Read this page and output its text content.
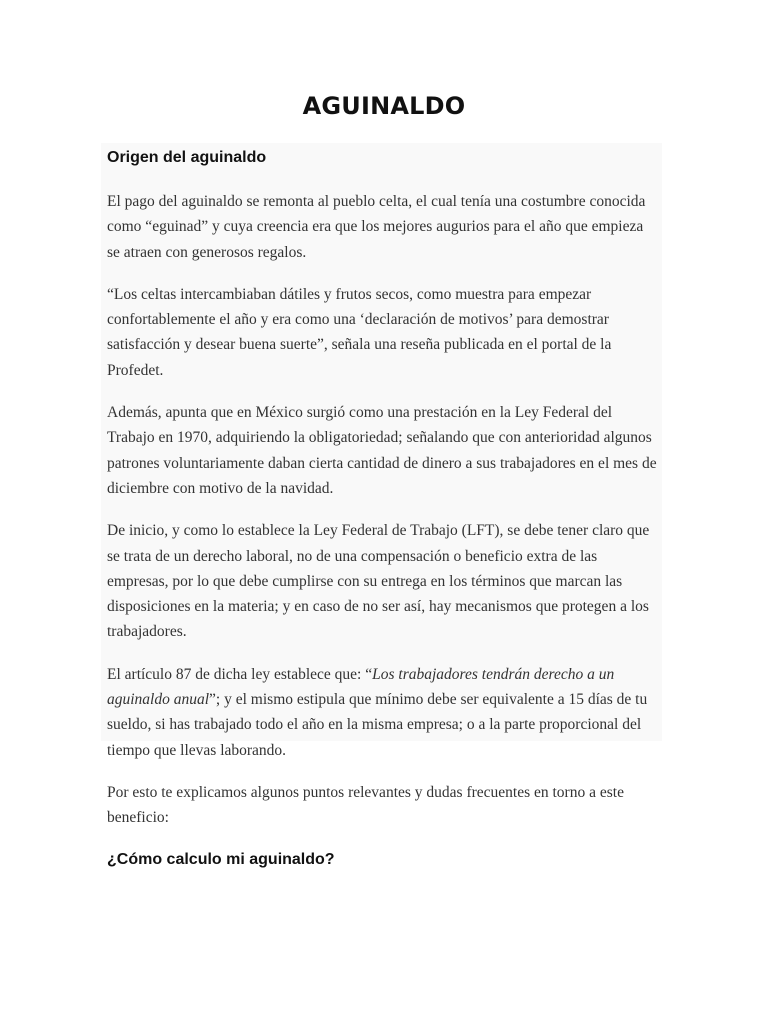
AGUINALDO
Origen del aguinaldo

El pago del aguinaldo se remonta al pueblo celta, el cual tenía una costumbre conocida como “eguinad” y cuya creencia era que los mejores augurios para el año que empieza se atraen con generosos regalos.

“Los celtas intercambiaban dátiles y frutos secos, como muestra para empezar confortablemente el año y era como una ‘declaración de motivos’ para demostrar satisfacción y desear buena suerte”, señala una reseña publicada en el portal de la Profedet.

Además, apunta que en México surgió como una prestación en la Ley Federal del Trabajo en 1970, adquiriendo la obligatoriedad; señalando que con anterioridad algunos patrones voluntariamente daban cierta cantidad de dinero a sus trabajadores en el mes de diciembre con motivo de la navidad.

De inicio, y como lo establece la Ley Federal de Trabajo (LFT), se debe tener claro que se trata de un derecho laboral, no de una compensación o beneficio extra de las empresas, por lo que debe cumplirse con su entrega en los términos que marcan las disposiciones en la materia; y en caso de no ser así, hay mecanismos que protegen a los trabajadores.

El artículo 87 de dicha ley establece que: “Los trabajadores tendrán derecho a un aguinaldo anual”; y el mismo estipula que mínimo debe ser equivalente a 15 días de tu sueldo, si has trabajado todo el año en la misma empresa; o a la parte proporcional del tiempo que llevas laborando.

Por esto te explicamos algunos puntos relevantes y dudas frecuentes en torno a este beneficio:

¿Cómo calculo mi aguinaldo?
